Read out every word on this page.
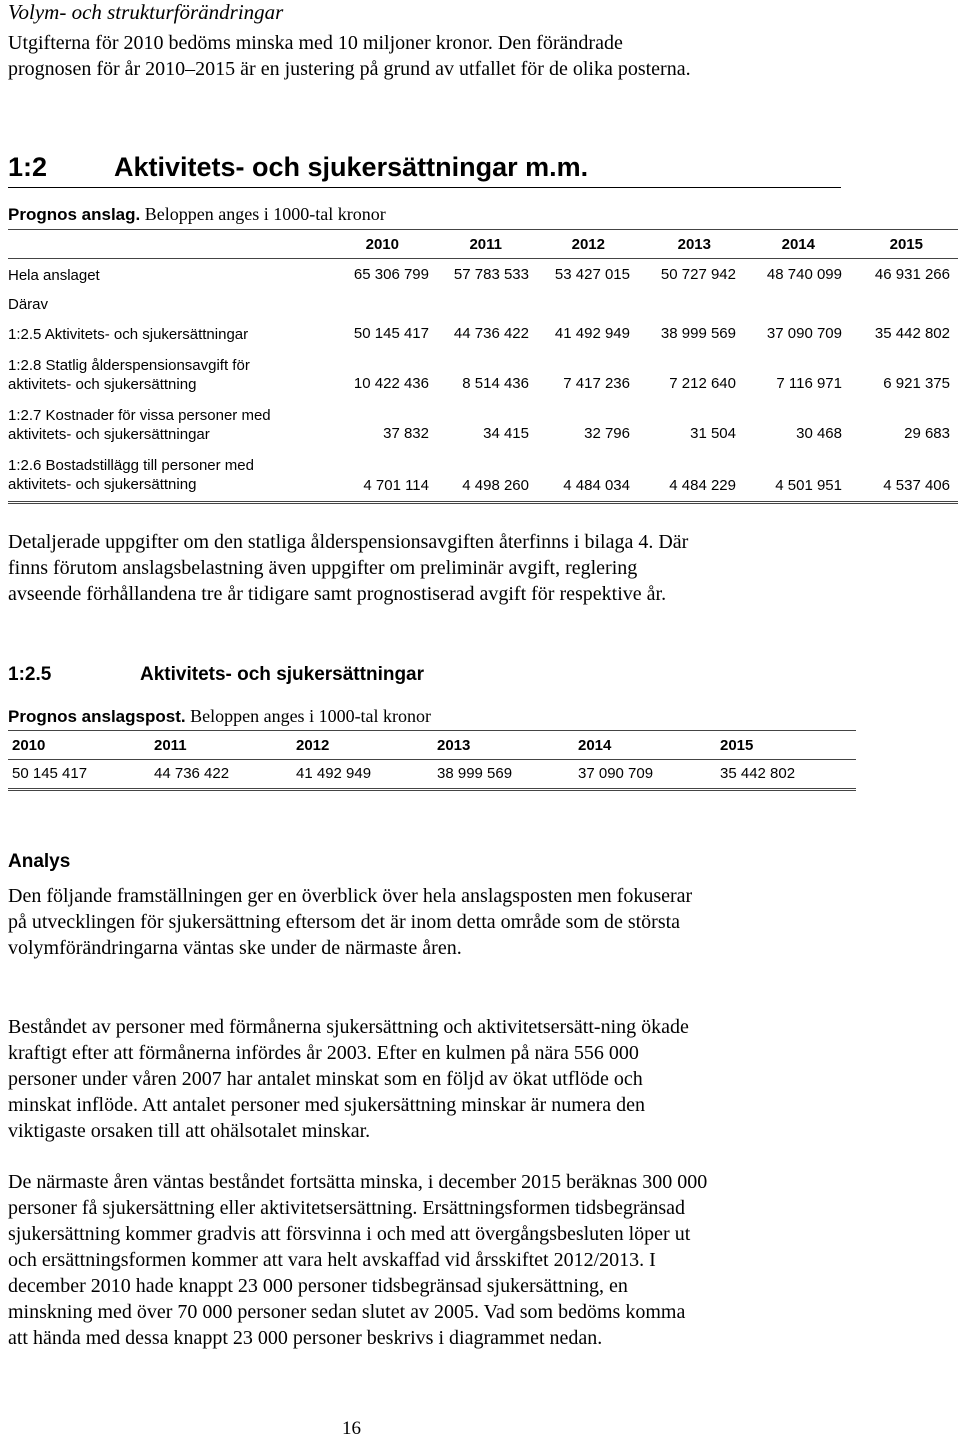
Volym- och strukturförändringar
Utgifterna för 2010 bedöms minska med 10 miljoner kronor. Den förändrade prognosen för år 2010–2015 är en justering på grund av utfallet för de olika posterna.
1:2 Aktivitets- och sjukersättningar m.m.
Prognos anslag. Beloppen anges i 1000-tal kronor
2010	2011	2012	2013	2014	2015
Hela anslaget	65 306 799	57 783 533	53 427 015	50 727 942	48 740 099	46 931 266
Därav
1:2.5 Aktivitets- och sjukersättningar	50 145 417	44 736 422	41 492 949	38 999 569	37 090 709	35 442 802
1:2.8 Statlig ålderspensionsavgift för
aktivitets- och sjukersättning	10 422 436	8 514 436	7 417 236	7 212 640	7 116 971	6 921 375
1:2.7 Kostnader för vissa personer med
aktivitets- och sjukersättningar	37 832	34 415	32 796	31 504	30 468	29 683
1:2.6 Bostadstillägg till personer med
aktivitets- och sjukersättning	4 701 114	4 498 260	4 484 034	4 484 229	4 501 951	4 537 406
Detaljerade uppgifter om den statliga ålderspensionsavgiften återfinns i bilaga 4. Där finns förutom anslagsbelastning även uppgifter om preliminär avgift, reglering avseende förhållandena tre år tidigare samt prognostiserad avgift för respektive år.
1:2.5	Aktivitets- och sjukersättningar
Prognos anslagspost. Beloppen anges i 1000-tal kronor
2010	2011	2012	2013	2014	2015
50 145 417	44 736 422	41 492 949	38 999 569	37 090 709	35 442 802
Analys
Den följande framställningen ger en överblick över hela anslagsposten men fokuserar på utvecklingen för sjukersättning eftersom det är inom detta område som de största volymförändringarna väntas ske under de närmaste åren.
Beståndet av personer med förmånerna sjukersättning och aktivitetsersätt-ning ökade kraftigt efter att förmånerna infördes år 2003. Efter en kulmen på nära 556 000 personer under våren 2007 har antalet minskat som en följd av ökat utflöde och minskat inflöde. Att antalet personer med sjukersättning minskar är numera den viktigaste orsaken till att ohälsotalet minskar.
De närmaste åren väntas beståndet fortsätta minska, i december 2015 beräknas 300 000 personer få sjukersättning eller aktivitetsersättning. Ersättningsformen tidsbegränsad sjukersättning kommer gradvis att försvinna i och med att övergångsbesluten löper ut och ersättningsformen kommer att vara helt avskaffad vid årsskiftet 2012/2013. I december 2010 hade knappt 23 000 personer tidsbegränsad sjukersättning, en minskning med över 70 000 personer sedan slutet av 2005. Vad som bedöms komma att hända med dessa knappt 23 000 personer beskrivs i diagrammet nedan.
16
